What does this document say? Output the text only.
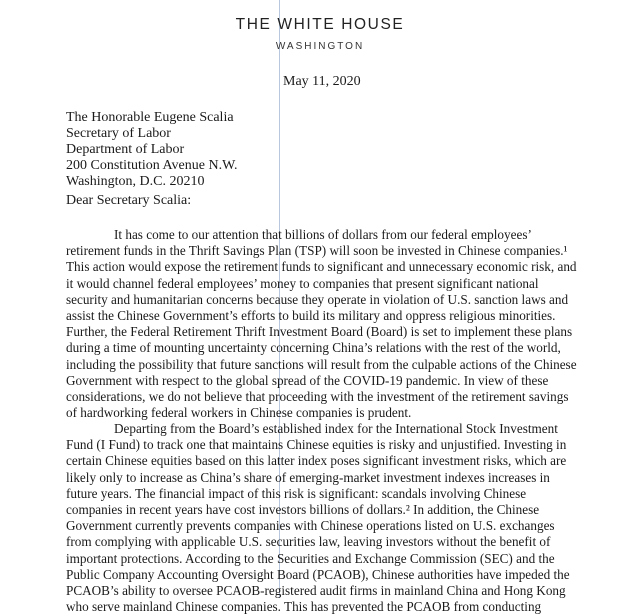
THE WHITE HOUSE
WASHINGTON
May 11, 2020
The Honorable Eugene Scalia
Secretary of Labor
Department of Labor
200 Constitution Avenue N.W.
Washington, D.C. 20210
Dear Secretary Scalia:
It has come to our attention that billions of dollars from our federal employees’
retirement funds in the Thrift Savings Plan (TSP) will soon be invested in Chinese companies.¹
This action would expose the retirement funds to significant and unnecessary economic risk, and
it would channel federal employees’ money to companies that present significant national
security and humanitarian concerns because they operate in violation of U.S. sanction laws and
assist the Chinese Government’s efforts to build its military and oppress religious minorities.
Further, the Federal Retirement Thrift Investment Board (Board) is set to implement these plans
during a time of mounting uncertainty concerning China’s relations with the rest of the world,
including the possibility that future sanctions will result from the culpable actions of the Chinese
Government with respect to the global spread of the COVID-19 pandemic. In view of these
considerations, we do not believe that proceeding with the investment of the retirement savings
of hardworking federal workers in Chinese companies is prudent.
Departing from the Board’s established index for the International Stock Investment
Fund (I Fund) to track one that maintains Chinese equities is risky and unjustified. Investing in
certain Chinese equities based on this latter index poses significant investment risks, which are
likely only to increase as China’s share of emerging-market investment indexes increases in
future years. The financial impact of this risk is significant: scandals involving Chinese
companies in recent years have cost investors billions of dollars.² In addition, the Chinese
Government currently prevents companies with Chinese operations listed on U.S. exchanges
from complying with applicable U.S. securities law, leaving investors without the benefit of
important protections. According to the Securities and Exchange Commission (SEC) and the
Public Company Accounting Oversight Board (PCAOB), Chinese authorities have impeded the
PCAOB’s ability to oversee PCAOB-registered audit firms in mainland China and Hong Kong
who serve mainland Chinese companies. This has prevented the PCAOB from conducting
